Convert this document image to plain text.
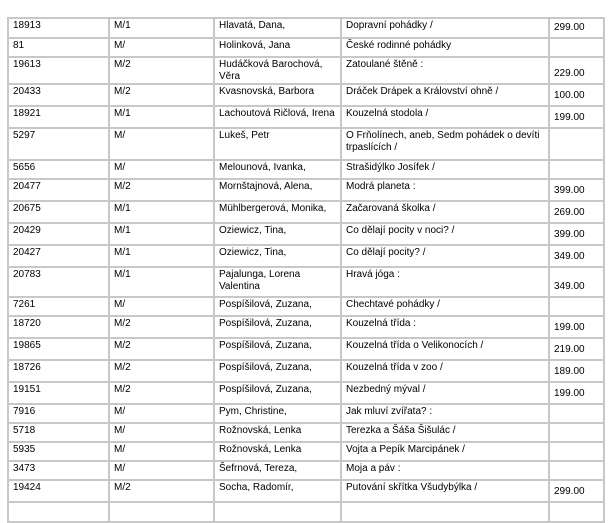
18913	M/1	Hlavatá, Dana,	Dopravní pohádky /	299.00
81	M/	Holinková, Jana	České rodinné pohádky	
19613	M/2	Hudáčková Barochová, Věra	Zatoulané štěně :	229.00
20433	M/2	Kvasnovská, Barbora	Dráček Drápek a Království ohně /	100.00
18921	M/1	Lachoutová Ričlová, Irena	Kouzelná stodola /	199.00
5297	M/	Lukeš, Petr	O Frňolínech, aneb, Sedm pohádek o devíti trpaslících /	
5656	M/	Melounová, Ivanka,	Strašidýlko Josífek /	
20477	M/2	Mornštajnová, Alena,	Modrá planeta :	399.00
20675	M/1	Mühlbergerová, Monika,	Začarovaná školka /	269.00
20429	M/1	Oziewicz, Tina,	Co dělají pocity v noci? /	399.00
20427	M/1	Oziewicz, Tina,	Co dělají pocity? /	349.00
20783	M/1	Pajalunga, Lorena Valentina	Hravá jóga :	349.00
7261	M/	Pospíšilová, Zuzana,	Chechtavé pohádky /	
18720	M/2	Pospíšilová, Zuzana,	Kouzelná třída :	199.00
19865	M/2	Pospíšilová, Zuzana,	Kouzelná třída o Velikonocích /	219.00
18726	M/2	Pospíšilová, Zuzana,	Kouzelná třída v zoo /	189.00
19151	M/2	Pospíšilová, Zuzana,	Nezbedný mýval /	199.00
7916	M/	Pym, Christine,	Jak mluví zvířata? :	
5718	M/	Rožnovská, Lenka	Terezka a Šáša Šišulác /	
5935	M/	Rožnovská, Lenka	Vojta a Pepík Marcipánek /	
3473	M/	Šefrnová, Tereza,	Moja a páv :	
19424	M/2	Socha, Radomír,	Putování skřítka Všudybýlka /	299.00
